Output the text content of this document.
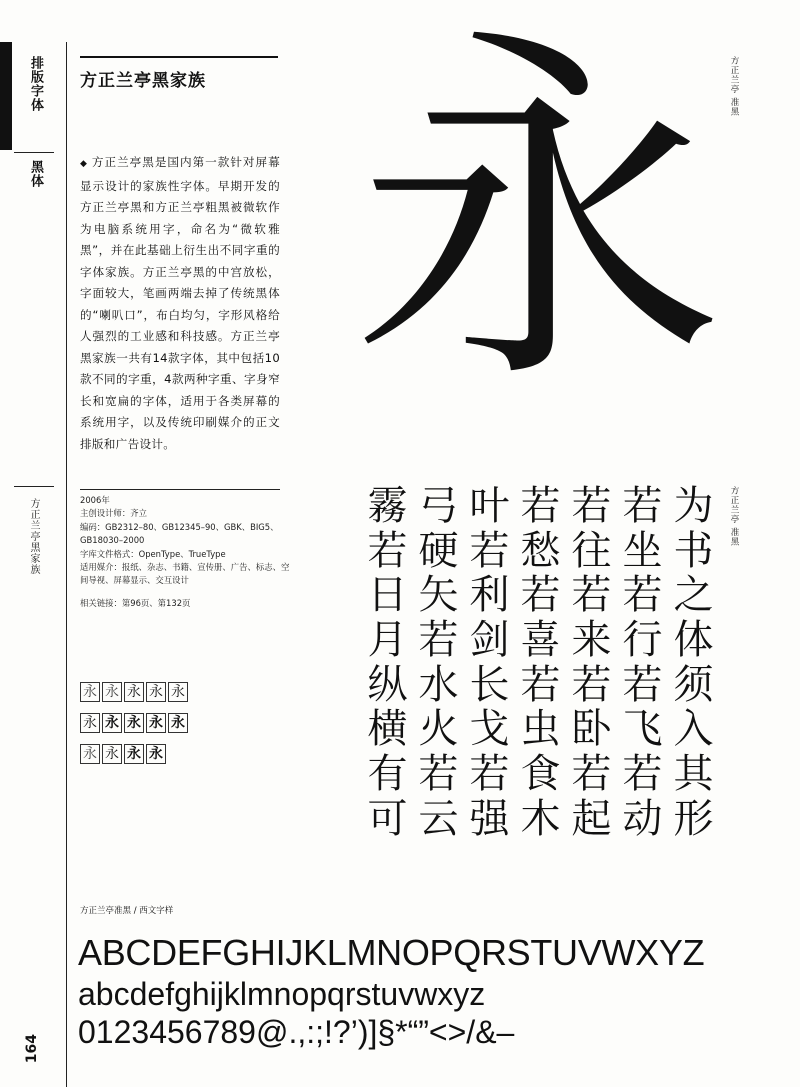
排版字体
黑体
方正兰亭黑家族
164
方正兰亭黑家族
◆ 方正兰亭黑是国内第一款针对屏幕显示设计的家族性字体。早期开发的方正兰亭黑和方正兰亭粗黑被微软作为电脑系统用字，命名为“微软雅黑”，并在此基础上衍生出不同字重的字体家族。方正兰亭黑的中宫放松，字面较大，笔画两端去掉了传统黑体的“喇叭口”，布白均匀，字形风格给人强烈的工业感和科技感。方正兰亭黑家族一共有14款字体，其中包括10款不同的字重，4款两种字重、字身窄长和宽扁的字体，适用于各类屏幕的系统用字，以及传统印刷媒介的正文排版和广告设计。
2006年
主创设计师：齐立
编码：GB2312–80、GB12345–90、GBK、BIG5、GB18030–2000
字库文件格式：OpenType、TrueType
适用媒介：报纸、杂志、书籍、宣传册、广告、标志、空间导视、屏幕显示、交互设计
相关链接：第96页、第132页
永 永 永 永 永
永 永 永 永 永
永 永 永 永
方正兰亭 准黑
方正兰亭 准黑
永
霧 弓 叶 若 若 若 为
若 硬 若 愁 往 坐 书
日 矢 利 若 若 若 之
月 若 剑 喜 来 行 体
纵 水 长 若 若 若 须
横 火 戈 虫 卧 飞 入
有 若 若 食 若 若 其
可 云 强 木 起 动 形
方正兰亭准黑 / 西文字样
ABCDEFGHIJKLMNOPQRSTUVWXYZ
abcdefghijklmnopqrstuvwxyz
0123456789@.,:;!?’)]§*“”<>/&–
